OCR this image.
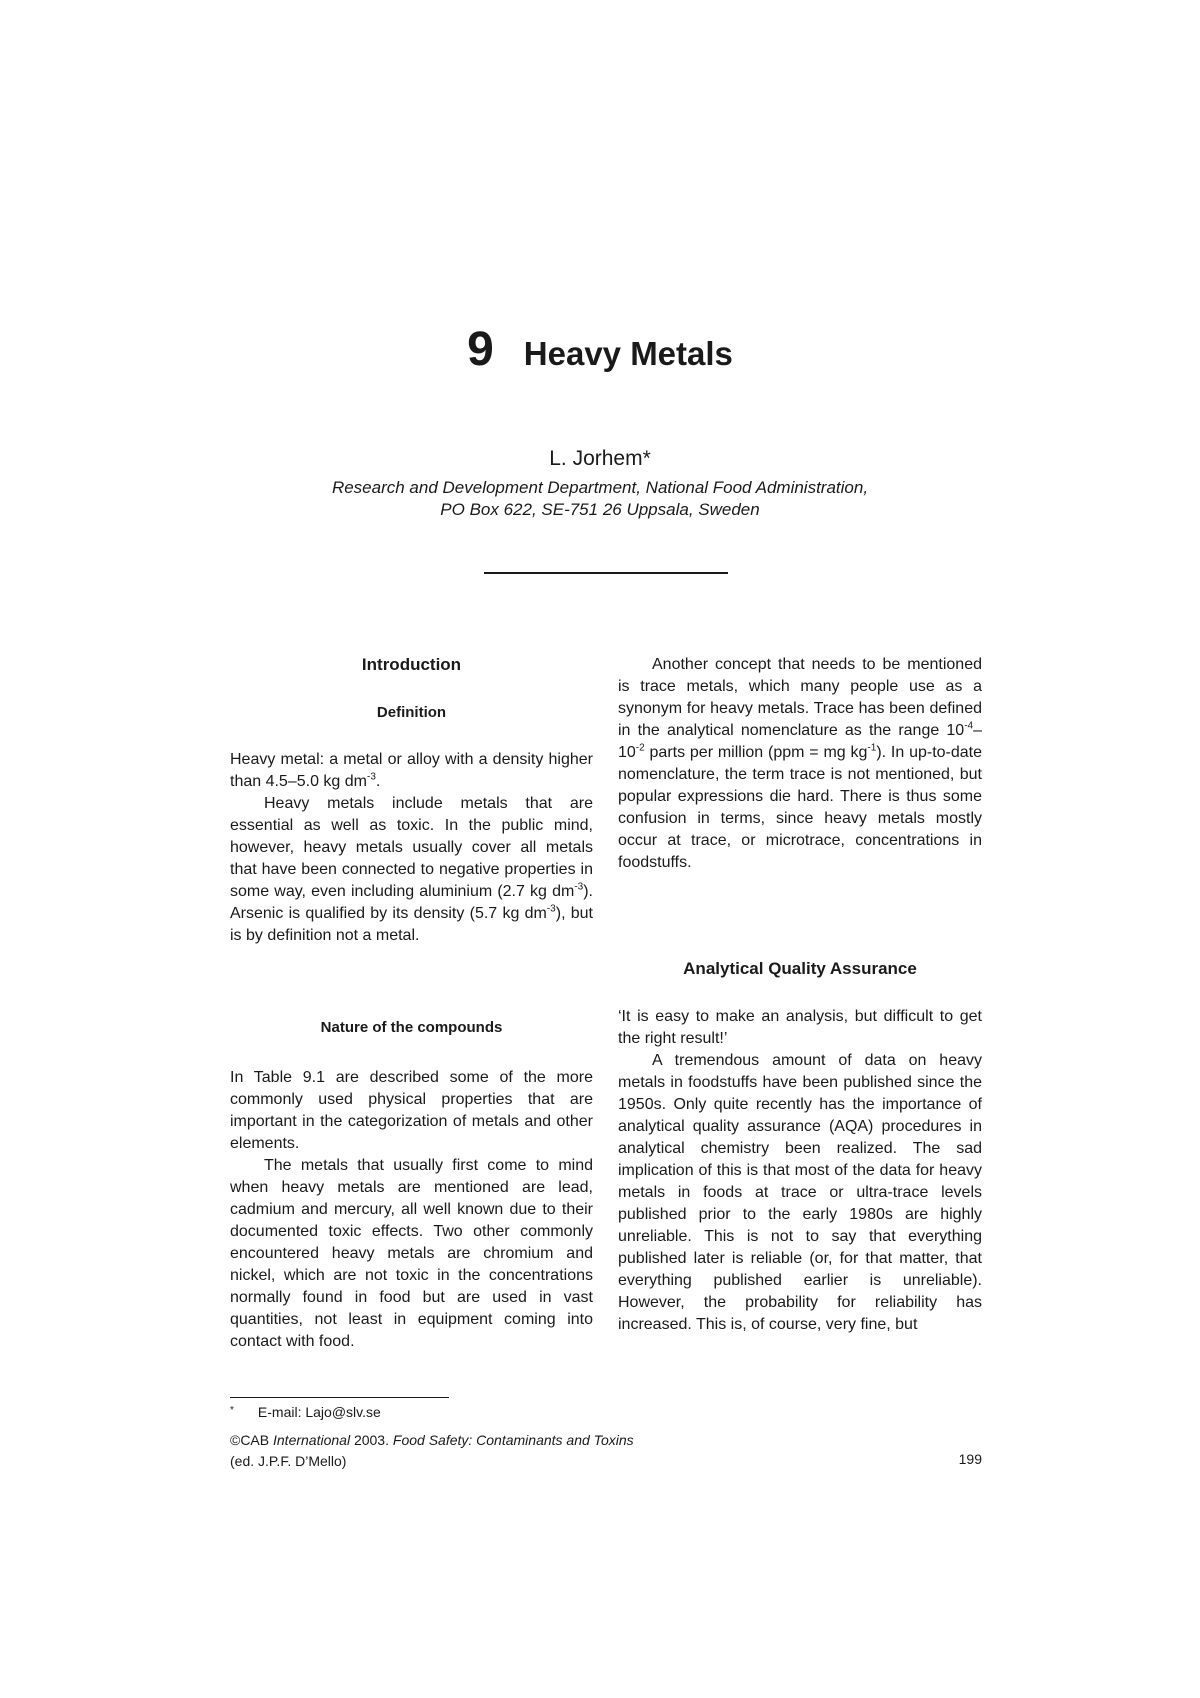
9 Heavy Metals
L. Jorhem*
Research and Development Department, National Food Administration,
PO Box 622, SE-751 26 Uppsala, Sweden
Introduction
Definition

Heavy metal: a metal or alloy with a density higher than 4.5–5.0 kg $dm^{-3}$.

Heavy metals include metals that are essential as well as toxic. In the public mind, however, heavy metals usually cover all metals that have been connected to negative properties in some way, even including aluminium (2.7 kg $dm^{-3}$). Arsenic is qualified by its density (5.7 kg $dm^{-3}$), but is by definition not a metal.

Nature of the compounds

In Table 9.1 are described some of the more commonly used physical properties that are important in the categorization of metals and other elements.

The metals that usually first come to mind when heavy metals are mentioned are lead, cadmium and mercury, all well known due to their documented toxic effects. Two other commonly encountered heavy metals are chromium and nickel, which are not toxic in the concentrations normally found in food but are used in vast quantities, not least in equipment coming into contact with food.

Another concept that needs to be mentioned is trace metals, which many people use as a synonym for heavy metals. Trace has been defined in the analytical nomenclature as the range $10^{-4}-10^{-2}$ parts per million (ppm = mg $kg^{-1}$). In up-to-date nomenclature, the term trace is not mentioned, but popular expressions die hard. There is thus some confusion in terms, since heavy metals mostly occur at trace, or microtrace, concentrations in foodstuffs.

Analytical Quality Assurance

‘It is easy to make an analysis, but difficult to get the right result!’

A tremendous amount of data on heavy metals in foodstuffs have been published since the 1950s. Only quite recently has the importance of analytical quality assurance (AQA) procedures in analytical chemistry been realized. The sad implication of this is that most of the data for heavy metals in foods at trace or ultra-trace levels published prior to the early 1980s are highly unreliable. This is not to say that everything published later is reliable (or, for that matter, that everything published earlier is unreliable). However, the probability for reliability has increased. This is, of course, very fine, but

* E-mail: Lajo@slv.se
©CAB International 2003. Food Safety: Contaminants and Toxins
(ed. J.P.F. D’Mello)	199
